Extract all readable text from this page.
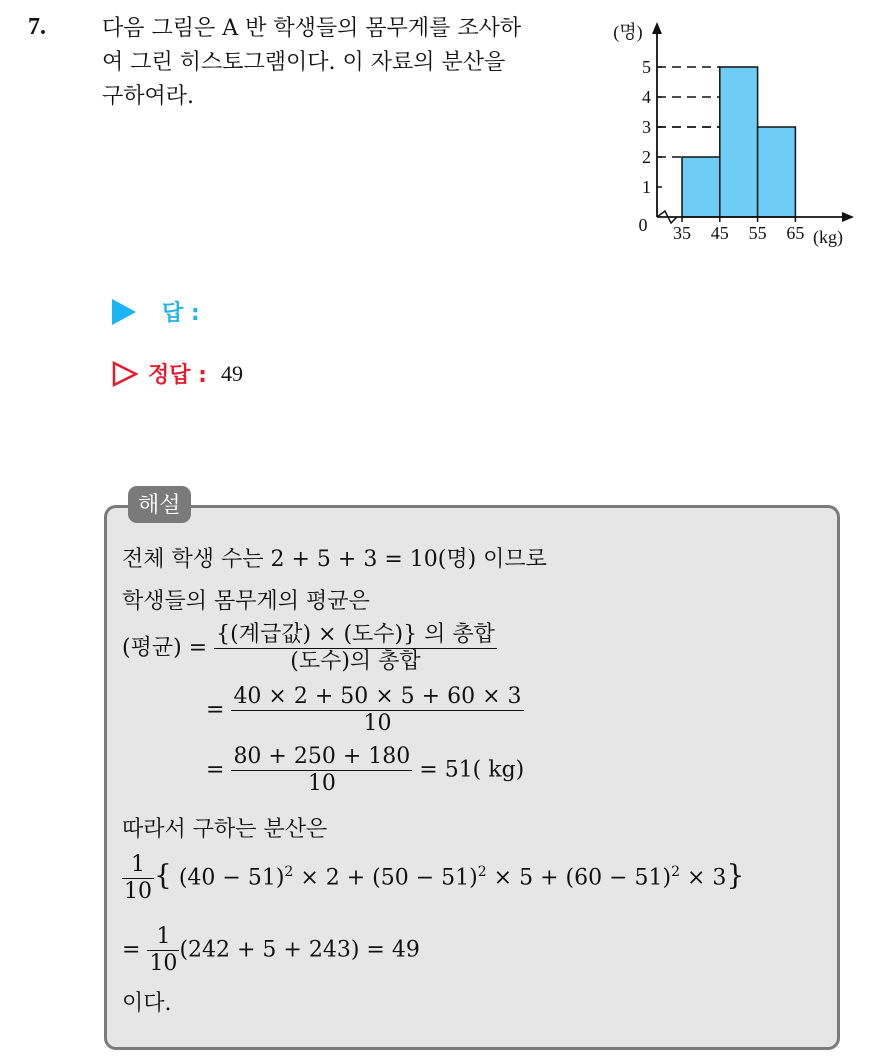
7.	다음 그림은 A 반 학생들의 몸무게를 조사하
여 그린 히스토그램이다. 이 자료의 분산을
구하여라.
0
1
2
3
4
5
35 45 55 65 (kg)
(명)
답 :
정답 : 49
해설
전체 학생 수는 2 + 5 + 3 = 10(명) 이므로
학생들의 몸무게의 평균은
(평균) = $\frac{\text{\{(계급값) × (도수)\} 의 총합}}{\text{(도수)의 총합}}$
= $\frac{40 \times 2 + 50 \times 5 + 60 \times 3}{10}$
= $\frac{80 + 250 + 180}{10} = 51$( kg)
따라서 구하는 분산은
$\frac{1}{10}$ { $(40 - 51)^2 \times 2 + (50 - 51)^2 \times 5 + (60 - 51)^2 \times 3$}
= $\frac{1}{10} (242 + 5 + 243) = 49$
이다.
